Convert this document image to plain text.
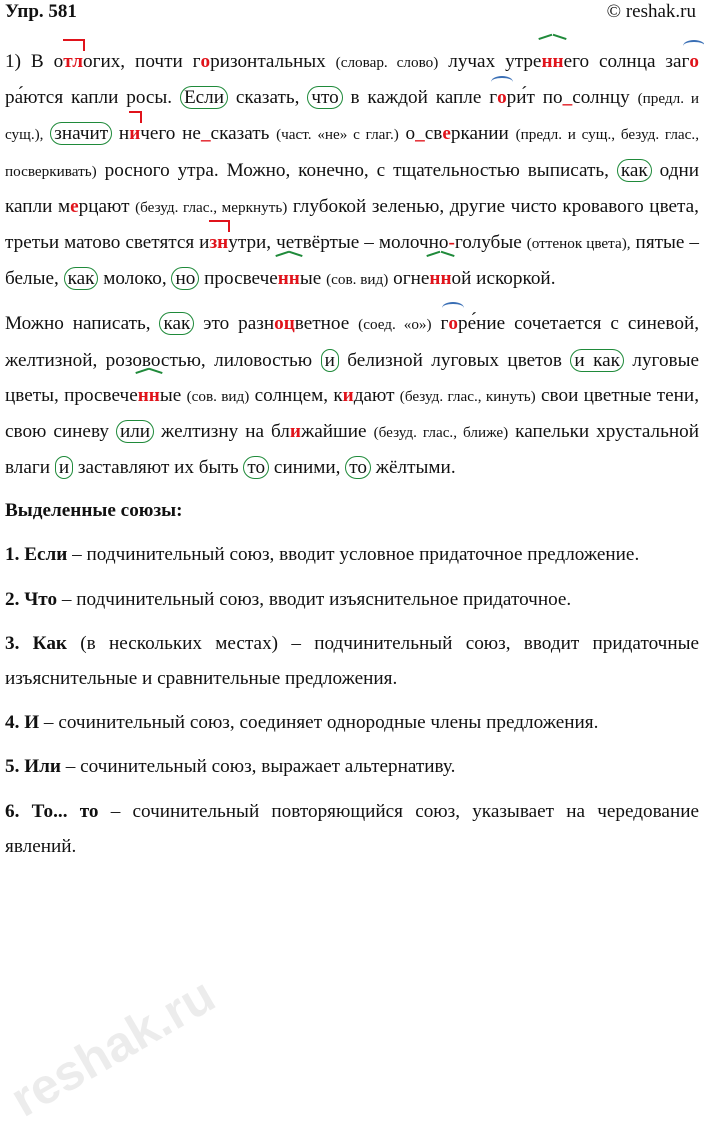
Упр. 581	© reshak.ru

1) В отлогих, почти горизонтальных (словар. слово) лучах утреннего солнца загора́ются капли росы. Если сказать, что в каждой капле гори́т по_солнцу (предл. и сущ.), значит ничего не_сказать (част. «не» с глаг.) о_сверкании (предл. и сущ., безуд. глас., посверкивать) росного утра. Можно, конечно, с тщательностью выписать, как одни капли мерцают (безуд. глас., меркнуть) глубокой зеленью, другие чисто кровавого цвета, третьи матово светятся изнутри, четвёртые – молочно-голубые (оттенок цвета), пятые – белые, как молоко, но просвеченные (сов. вид) огненной искоркой.

Можно написать, как это разноцветное (соед. «о») горе́ние сочетается с синевой, желтизной, розовостью, лиловостью и белизной луговых цветов и как луговые цветы, просвеченные (сов. вид) солнцем, кидают (безуд. глас., кинуть) свои цветные тени, свою синеву или желтизну на ближайшие (безуд. глас., ближе) капельки хрустальной влаги и заставляют их быть то синими, то жёлтыми.

Выделенные союзы:

1. Если – подчинительный союз, вводит условное придаточное предложение.

2. Что – подчинительный союз, вводит изъяснительное придаточное.

3. Как (в нескольких местах) – подчинительный союз, вводит придаточные изъяснительные и сравнительные предложения.

4. И – сочинительный союз, соединяет однородные члены предложения.

5. Или – сочинительный союз, выражает альтернативу.

6. То... то – сочинительный повторяющийся союз, указывает на чередование явлений.

reshak.ru
